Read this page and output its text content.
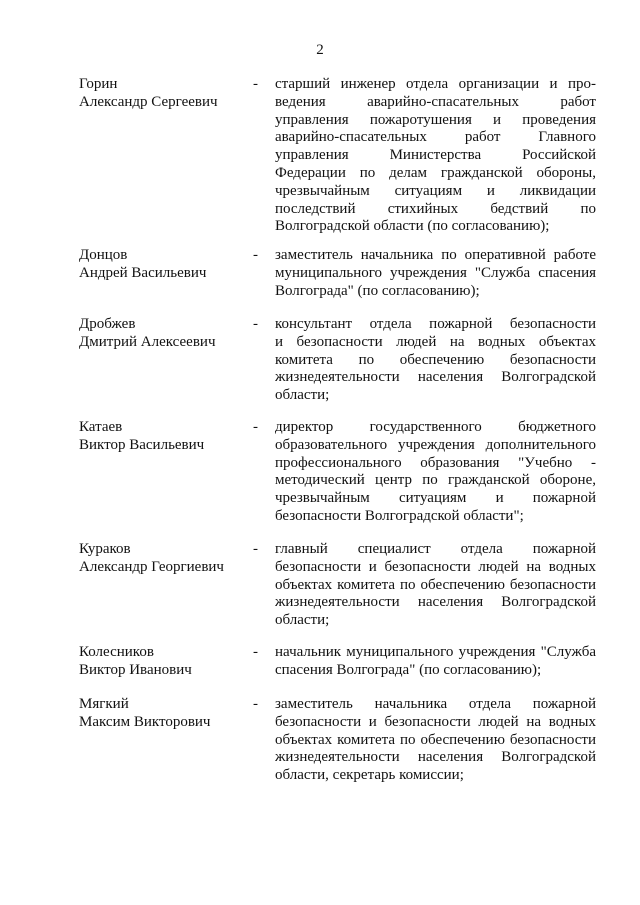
2
Горин
Александр Сергеевич
- старший инженер отдела организации и про-
ведения аварийно-спасательных работ
управления пожаротушения и проведения
аварийно-спасательных работ Главного
управления Министерства Российской
Федерации по делам гражданской обороны,
чрезвычайным ситуациям и ликвидации
последствий стихийных бедствий по
Волгоградской области (по согласованию);
Донцов
Андрей Васильевич
- заместитель начальника по оперативной работе
муниципального учреждения "Служба спасения
Волгограда" (по согласованию);
Дробжев
Дмитрий Алексеевич
- консультант отдела пожарной безопасности
и безопасности людей на водных объектах
комитета по обеспечению безопасности
жизнедеятельности населения Волгоградской
области;
Катаев
Виктор Васильевич
- директор государственного бюджетного
образовательного учреждения дополнительного
профессионального образования "Учебно -
методический центр по гражданской обороне,
чрезвычайным ситуациям и пожарной
безопасности Волгоградской области";
Кураков
Александр Георгиевич
- главный специалист отдела пожарной
безопасности и безопасности людей на водных
объектах комитета по обеспечению безопасности
жизнедеятельности населения Волгоградской
области;
Колесников
Виктор Иванович
- начальник муниципального учреждения "Служба
спасения Волгограда" (по согласованию);
Мягкий
Максим Викторович
- заместитель начальника отдела пожарной
безопасности и безопасности людей на водных
объектах комитета по обеспечению безопасности
жизнедеятельности населения Волгоградской
области, секретарь комиссии;
